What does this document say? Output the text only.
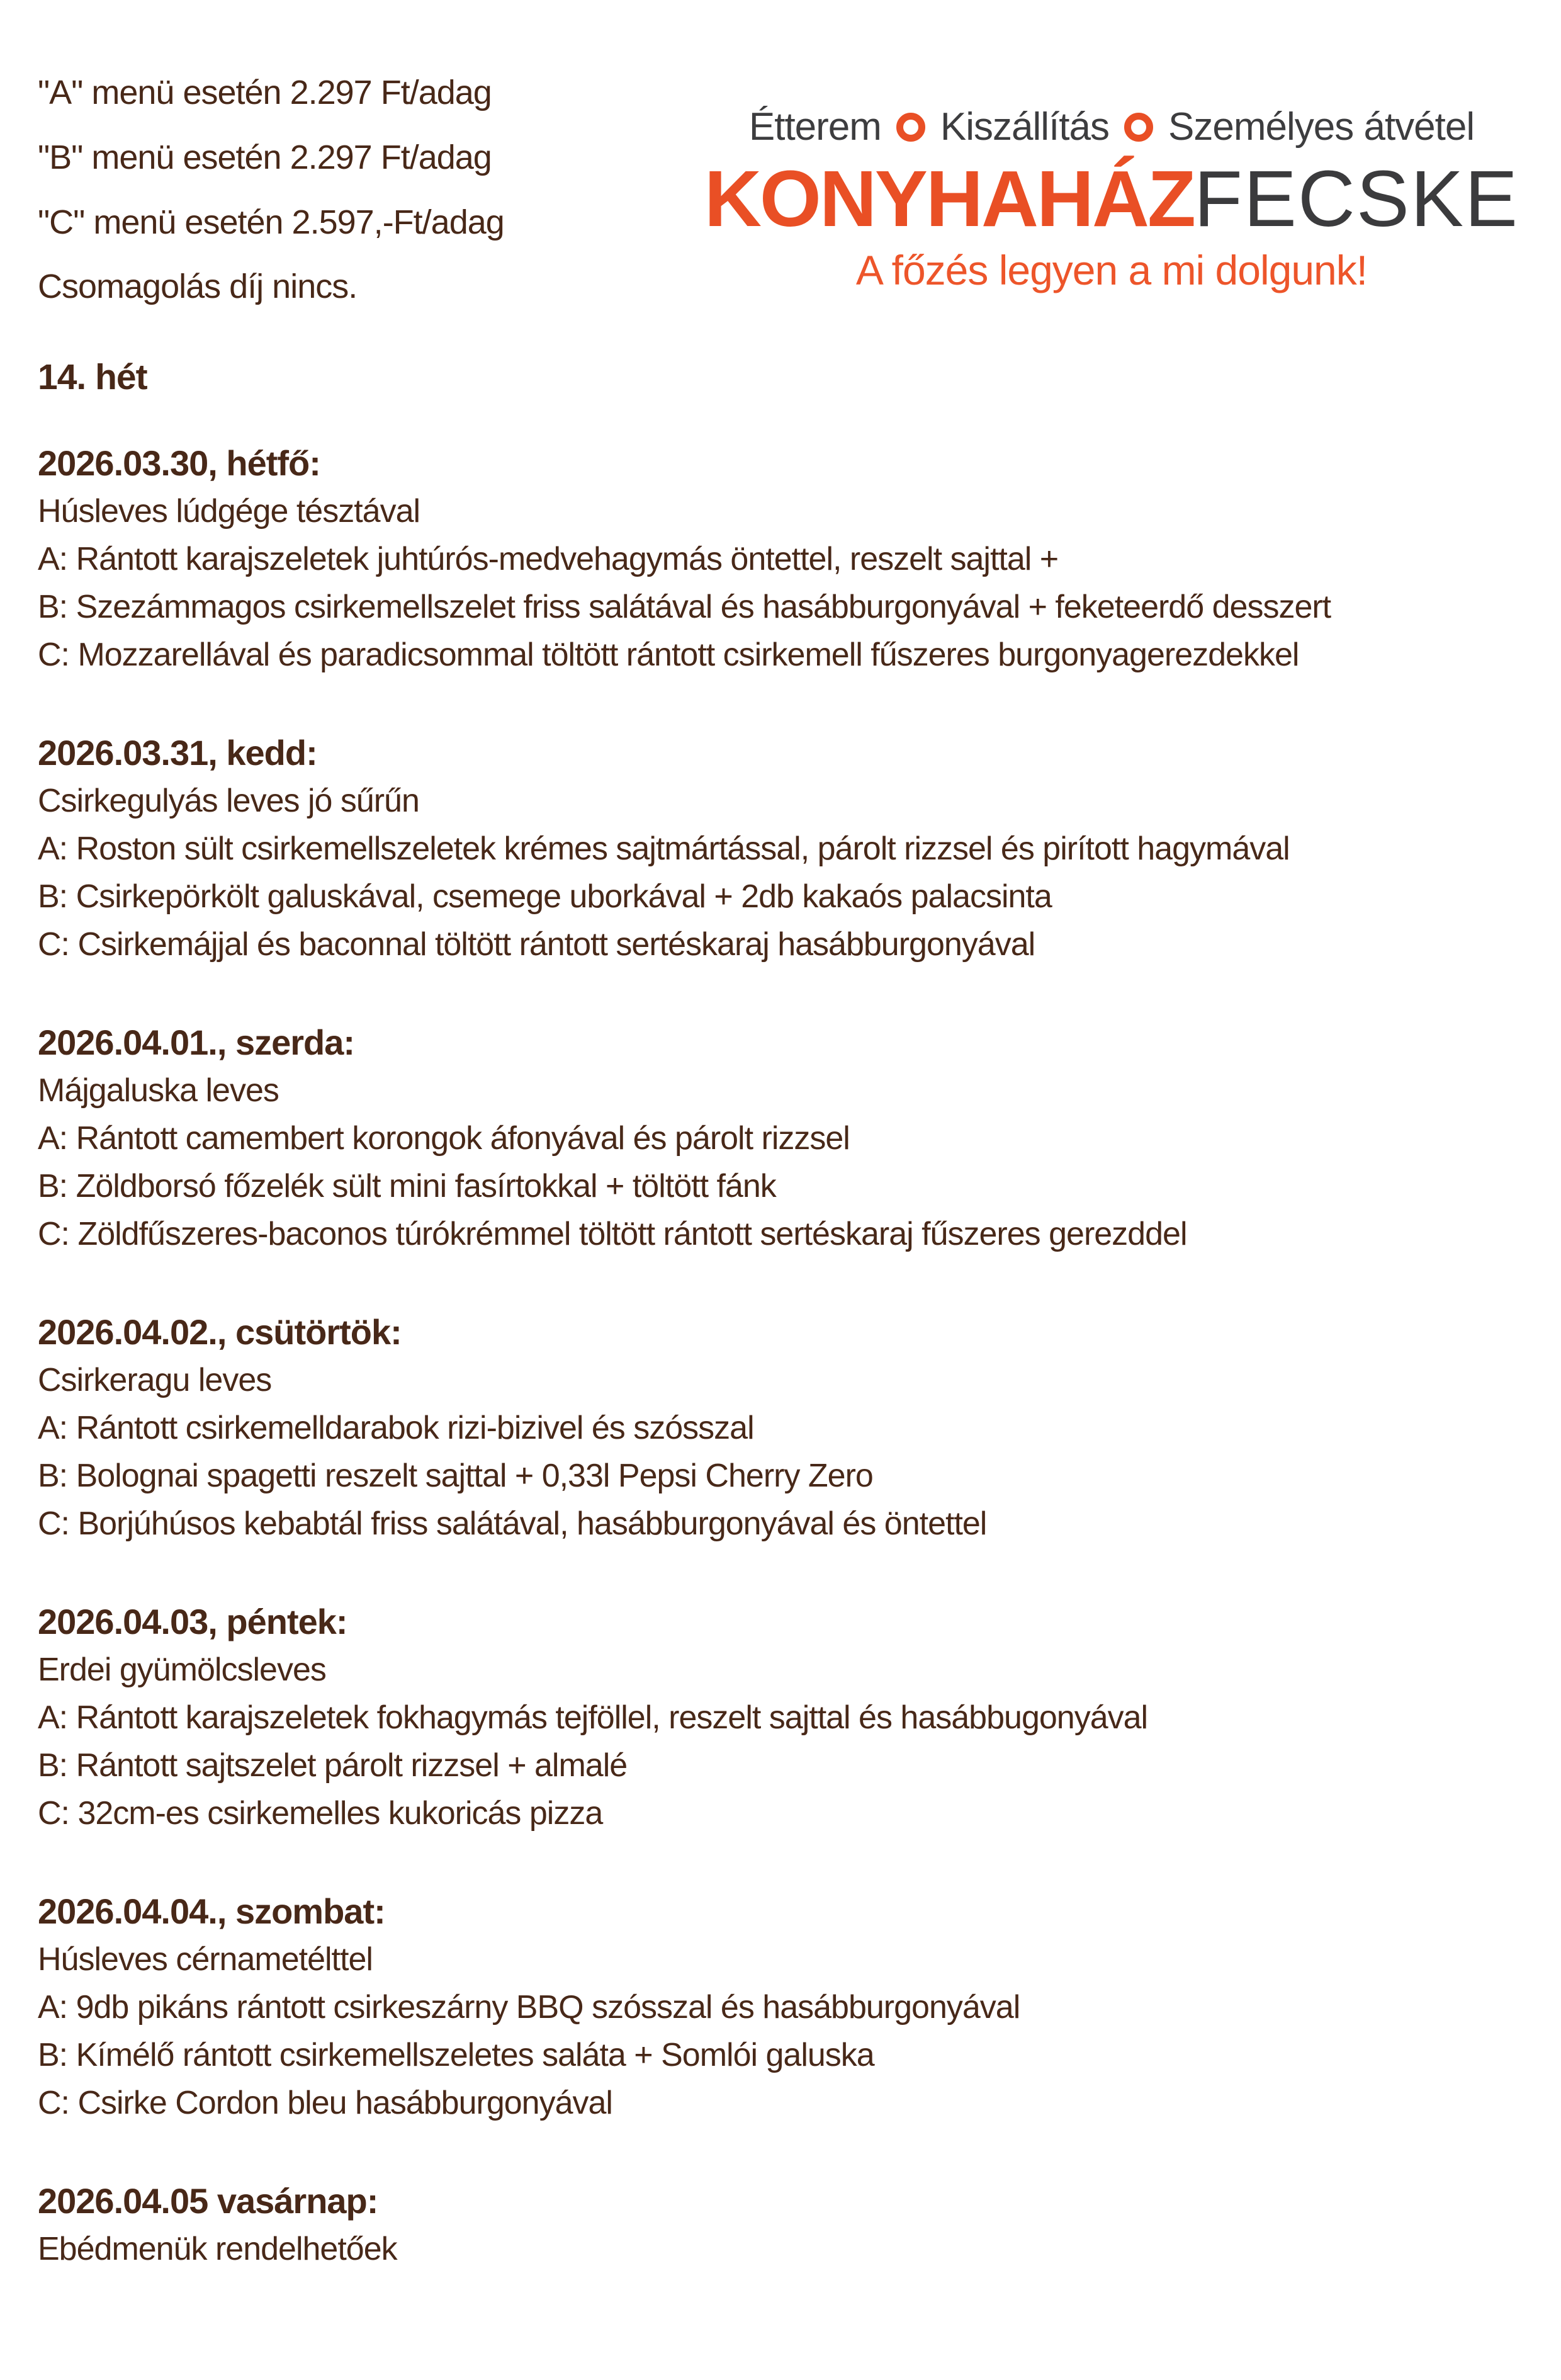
"A" menü esetén 2.297 Ft/adag
"B" menü esetén 2.297 Ft/adag
"C" menü esetén 2.597,-Ft/adag
Csomagolás díj nincs.
14. hét
Étterem Kiszállítás Személyes átvétel
KONYHAHÁZFECSKE
A főzés legyen a mi dolgunk!
2026.03.30, hétfő:
Húsleves lúdgége tésztával
A: Rántott karajszeletek juhtúrós-medvehagymás öntettel, reszelt sajttal +
B: Szezámmagos csirkemellszelet friss salátával és hasábburgonyával + feketeerdő desszert
C: Mozzarellával és paradicsommal töltött rántott csirkemell fűszeres burgonyagerezdekkel
2026.03.31, kedd:
Csirkegulyás leves jó sűrűn
A: Roston sült csirkemellszeletek krémes sajtmártással, párolt rizzsel és pirított hagymával
B: Csirkepörkölt galuskával, csemege uborkával + 2db kakaós palacsinta
C: Csirkemájjal és baconnal töltött rántott sertéskaraj hasábburgonyával
2026.04.01., szerda:
Májgaluska leves
A: Rántott camembert korongok áfonyával és párolt rizzsel
B: Zöldborsó főzelék sült mini fasírtokkal + töltött fánk
C: Zöldfűszeres-baconos túrókrémmel töltött rántott sertéskaraj fűszeres gerezddel
2026.04.02., csütörtök:
Csirkeragu leves
A: Rántott csirkemelldarabok rizi-bizivel és szósszal
B: Bolognai spagetti reszelt sajttal + 0,33l Pepsi Cherry Zero
C: Borjúhúsos kebabtál friss salátával, hasábburgonyával és öntettel
2026.04.03, péntek:
Erdei gyümölcsleves
A: Rántott karajszeletek fokhagymás tejföllel, reszelt sajttal és hasábbugonyával
B: Rántott sajtszelet párolt rizzsel + almalé
C: 32cm-es csirkemelles kukoricás pizza
2026.04.04., szombat:
Húsleves cérnametélttel
A: 9db pikáns rántott csirkeszárny BBQ szósszal és hasábburgonyával
B: Kímélő rántott csirkemellszeletes saláta + Somlói galuska
C: Csirke Cordon bleu hasábburgonyával
2026.04.05 vasárnap:
Ebédmenük rendelhetőek
